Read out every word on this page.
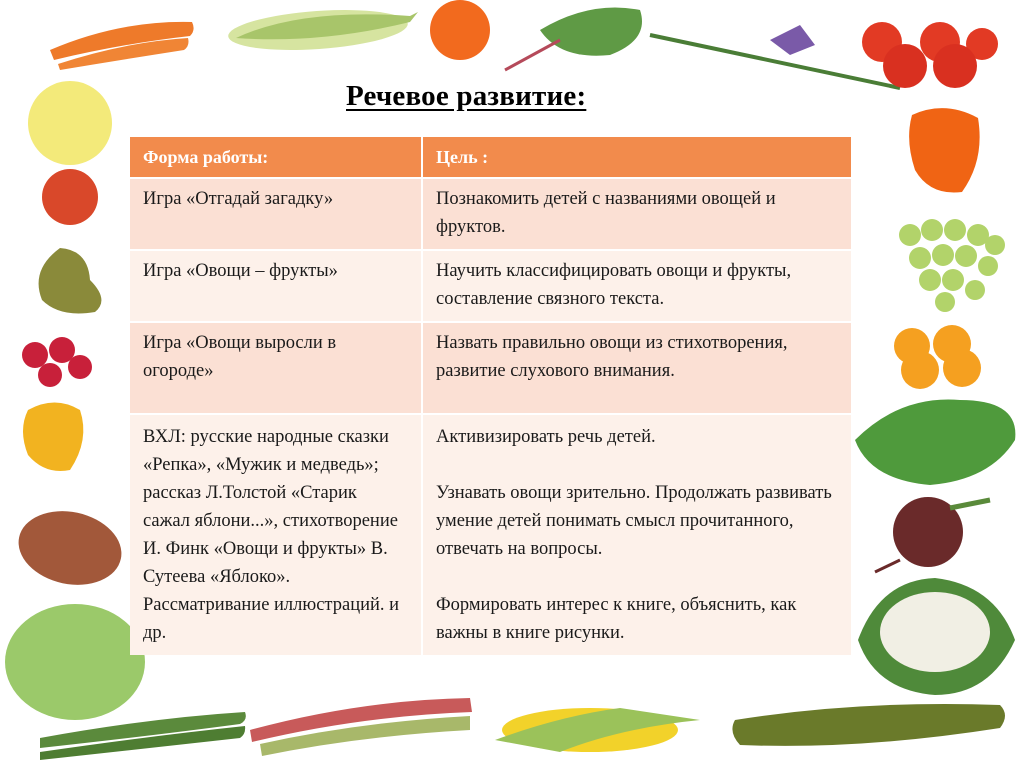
Речевое развитие:
Форма работы:	Цель :
Игра «Отгадай загадку»	Познакомить детей с названиями овощей и фруктов.

Игра «Овощи – фрукты»	Научить классифицировать овощи и фрукты, составление связного текста.

Игра «Овощи выросли в огороде»	Назвать правильно овощи из стихотворения, развитие слухового внимания.

ВХЛ: русские народные сказки «Репка», «Мужик и медведь»; рассказ Л.Толстой «Старик сажал яблони...», стихотворение И. Финк «Овощи и фрукты» В. Сутеева «Яблоко». Рассматривание иллюстраций. и др.	Активизировать речь детей.
Узнавать овощи зрительно. Продолжать развивать умение детей понимать смысл прочитанного, отвечать на вопросы.
Формировать интерес к книге, объяснить, как важны в книге рисунки.
